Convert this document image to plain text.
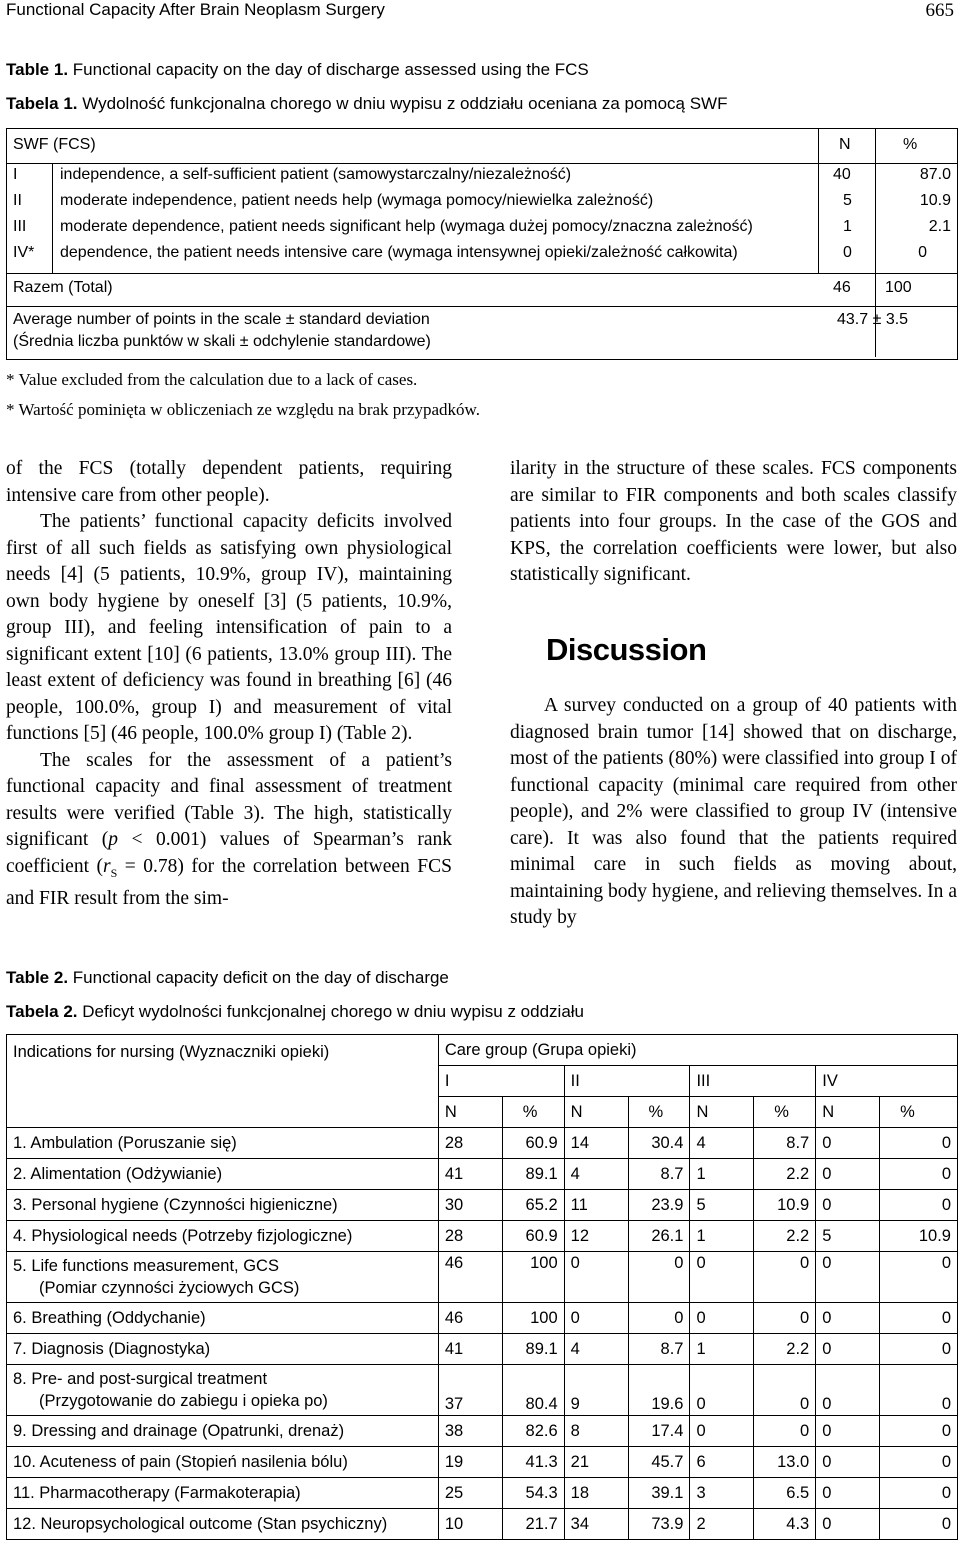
Functional Capacity After Brain Neoplasm Surgery	665
Table 1. Functional capacity on the day of discharge assessed using the FCS
Tabela 1. Wydolność funkcjonalna chorego w dniu wypisu z oddziału oceniana za pomocą SWF
SWF (FCS)	N	%
I	independence, a self-sufficient patient (samowystarczalny/niezależność)	40	87.0
II moderate independence, patient needs help (wymaga pomocy/niewielka zależność)	5	10.9
III moderate dependence, patient needs significant help (wymaga dużej pomocy/znaczna zależność)	1	2.1
IV* dependence, the patient needs intensive care (wymaga intensywnej opieki/zależność całkowita)	0	0
Razem (Total)	46 100
Average number of points in the scale ± standard deviation
(Średnia liczba punktów w skali ± odchylenie standardowe)
43.7 ± 3.5
* Value excluded from the calculation due to a lack of cases.
* Wartość pominięta w obliczeniach ze względu na brak przypadków.

of the FCS (totally dependent patients, requiring intensive care from other people).

The patients’ functional capacity deficits involved first of all such fields as satisfying own physiological needs [4] (5 patients, 10.9%, group IV), maintaining own body hygiene by oneself [3] (5 patients, 10.9%, group III), and feeling intensification of pain to a significant extent [10] (6 patients, 13.0% group III). The least extent of deficiency was found in breathing [6] (46 people, 100.0%, group I) and measurement of vital functions [5] (46 people, 100.0% group I) (Table 2).

The scales for the assessment of a patient’s functional capacity and final assessment of treatment results were verified (Table 3). The high, statistically significant (p < 0.001) values of Spearman’s rank coefficient $(r_S = 0.78)$ for the correlation between FCS and FIR result from the sim-

ilarity in the structure of these scales. FCS components are similar to FIR components and both scales classify patients into four groups. In the case of the GOS and KPS, the correlation coefficients were lower, but also statistically significant.

Discussion

A survey conducted on a group of 40 patients with diagnosed brain tumor [14] showed that on discharge, most of the patients (80%) were classified into group I of functional capacity (minimal care required from other people), and 2% were classified to group IV (intensive care). It was also found that the patients required minimal care in such fields as moving about, maintaining body hygiene, and relieving themselves. In a study by

Table 2. Functional capacity deficit on the day of discharge
Tabela 2. Deficyt wydolności funkcjonalnej chorego w dniu wypisu z oddziału
Indications for nursing (Wyznaczniki opieki)	Care group (Grupa opieki)							
	I		II		III		IV	
	N	%	N	%	N	%	N	%

1. Ambulation (Poruszanie się)	28	60.9	14	30.4	4	8.7	0	0

2. Alimentation (Odżywianie)	41	89.1	4	8.7	1	2.2	0	0

3. Personal hygiene (Czynności higieniczne)	30	65.2	11	23.9	5	10.9	0	0

4. Physiological needs (Potrzeby fizjologiczne)	28	60.9	12	26.1	1	2.2	5	10.9

5. Life functions measurement, GCS
(Pomiar czynności życiowych GCS)	46	100	0	0	0	0	0	0

6. Breathing (Oddychanie)	46	100	0	0	0	0	0	0

7. Diagnosis (Diagnostyka)	41	89.1	4	8.7	1	2.2	0	0

8. Pre- and post-surgical treatment
(Przygotowanie do zabiegu i opieka po)	37	80.4	9	19.6	0	0	0	0

9. Dressing and drainage (Opatrunki, drenaż)	38	82.6	8	17.4	0	0	0	0

10. Acuteness of pain (Stopień nasilenia bólu)	19	41.3	21	45.7	6	13.0	0	0

11. Pharmacotherapy (Farmakoterapia)	25	54.3	18	39.1	3	6.5	0	0

12. Neuropsychological outcome (Stan psychiczny)	10	21.7	34	73.9	2	4.3	0	0
